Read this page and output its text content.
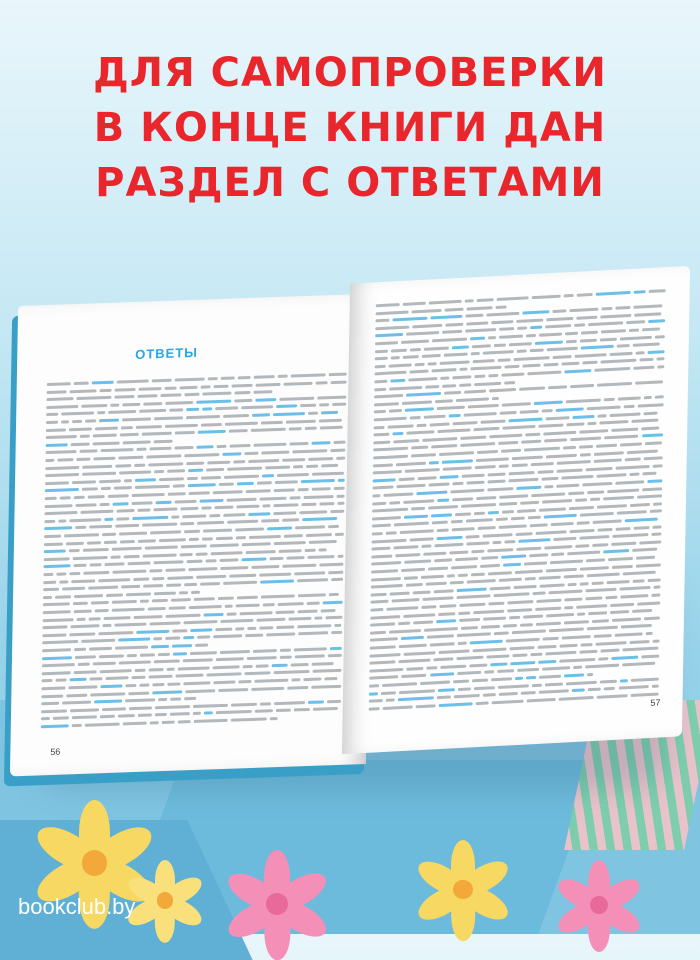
ДЛЯ САМОПРОВЕРКИ
В КОНЦЕ КНИГИ ДАН
РАЗДЕЛ С ОТВЕТАМИ
ОТВЕТЫ
56
57
bookclub.by
